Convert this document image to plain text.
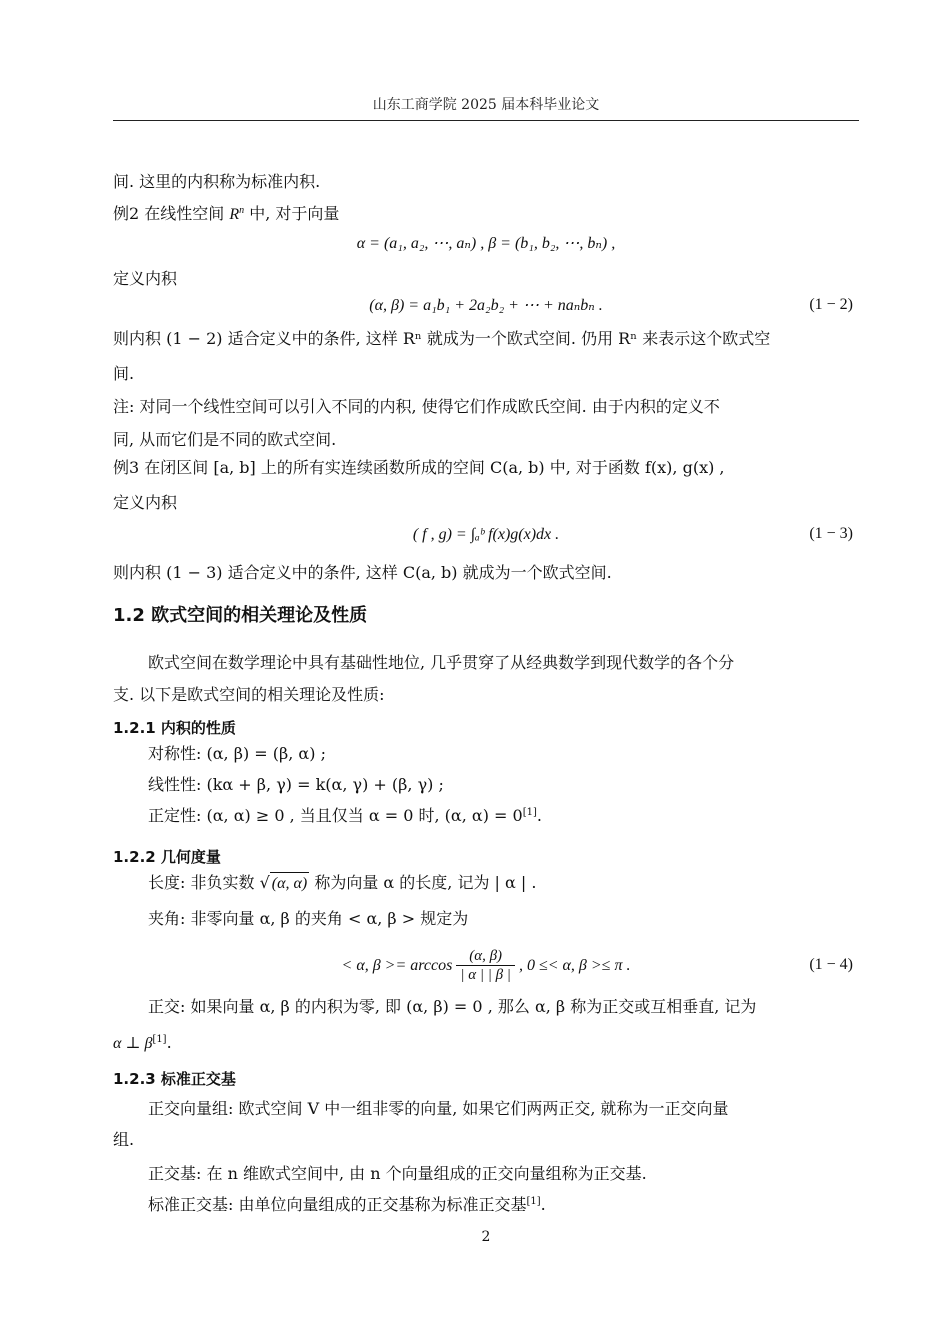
山东工商学院 2025 届本科毕业论文
间. 这里的内积称为标准内积.
例2 在线性空间 $R^n$ 中, 对于向量
α = (a₁, a₂, ⋯, aₙ) , β = (b₁, b₂, ⋯, bₙ) ,
定义内积
(α, β) = a₁b₁ + 2a₂b₂ + ⋯ + naₙbₙ .	(1 − 2)
则内积 (1 − 2) 适合定义中的条件, 这样 Rⁿ 就成为一个欧式空间. 仍用 Rⁿ 来表示这个欧式空
间.
注: 对同一个线性空间可以引入不同的内积, 使得它们作成欧氏空间. 由于内积的定义不
同, 从而它们是不同的欧式空间.
例3 在闭区间 [a, b] 上的所有实连续函数所成的空间 C(a, b) 中, 对于函数 f(x), g(x) ,
定义内积
( f , g) = ∫ₐᵇ f(x)g(x)dx .	(1 − 3)
则内积 (1 − 3) 适合定义中的条件, 这样 C(a, b) 就成为一个欧式空间.
1.2 欧式空间的相关理论及性质
欧式空间在数学理论中具有基础性地位, 几乎贯穿了从经典数学到现代数学的各个分
支. 以下是欧式空间的相关理论及性质:
1.2.1 内积的性质
对称性: (α, β) = (β, α) ;
线性性: (kα + β, γ) = k(α, γ) + (β, γ) ;
正定性: (α, α) ≥ 0 , 当且仅当 α = 0 时, (α, α) = 0[1].
1.2.2 几何度量
长度: 非负实数 √ (α, α) 称为向量 α 的长度, 记为 | α | .
夹角: 非零向量 α, β 的夹角 < α, β > 规定为
< α, $\beta >= \arccos \frac{(\alpha, \beta)}{| \alpha | | \beta |}$ , 0 ≤< α, β >≤ π .	(1 − 4)
正交: 如果向量 α, β 的内积为零, 即 (α, β) = 0 , 那么 α, β 称为正交或互相垂直, 记为
α ⊥ β[1].
1.2.3 标准正交基
正交向量组: 欧式空间 V 中一组非零的向量, 如果它们两两正交, 就称为一正交向量
组.
正交基: 在 n 维欧式空间中, 由 n 个向量组成的正交向量组称为正交基.
标准正交基: 由单位向量组成的正交基称为标准正交基[1].
2
